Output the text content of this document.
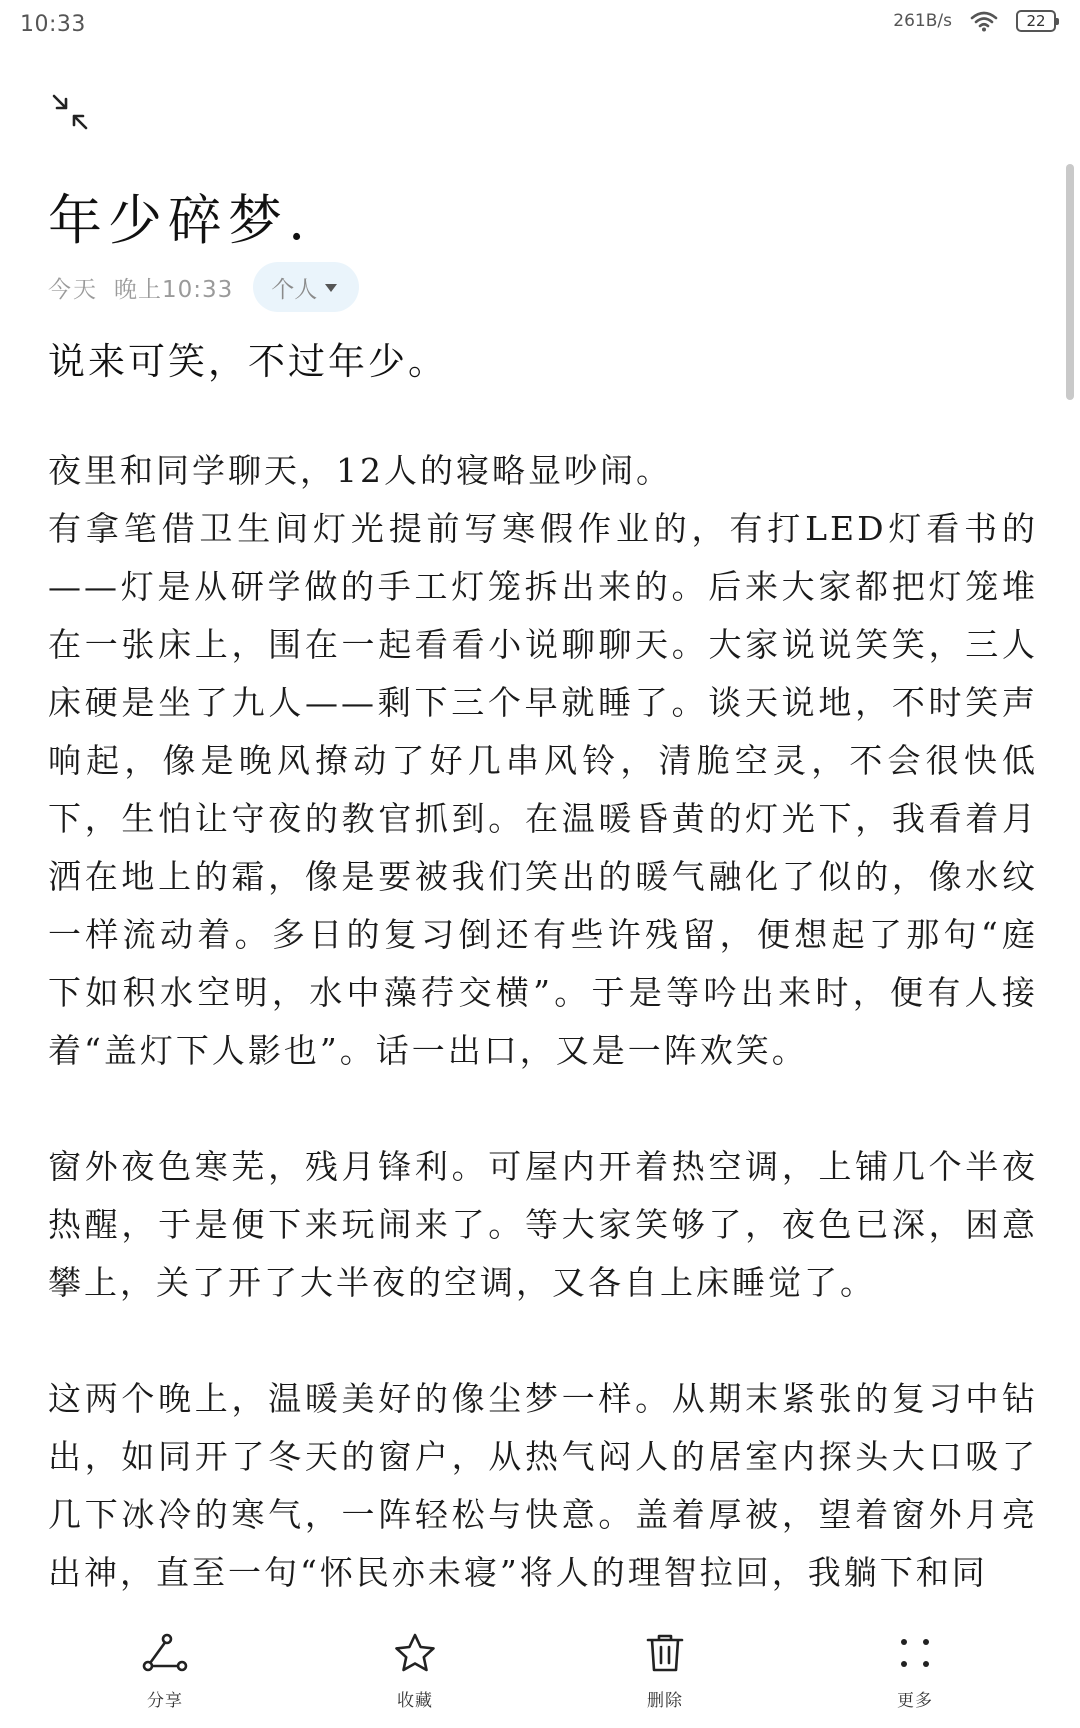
10:33	261B/s	22
年少碎梦.
今天 晚上10:33 个人

说来可笑，不过年少。

夜里和同学聊天，12人的寝略显吵闹。

有拿笔借卫生间灯光提前写寒假作业的，有打LED灯看书的——灯是从研学做的手工灯笼拆出来的。后来大家都把灯笼堆在一张床上，围在一起看看小说聊聊天。大家说说笑笑，三人床硬是坐了九人——剩下三个早就睡了。谈天说地，不时笑声响起，像是晚风撩动了好几串风铃，清脆空灵，不会很快低下，生怕让守夜的教官抓到。在温暖昏黄的灯光下，我看着月洒在地上的霜，像是要被我们笑出的暖气融化了似的，像水纹一样流动着。多日的复习倒还有些许残留，便想起了那句“庭下如积水空明，水中藻荇交横”。于是等吟出来时，便有人接着“盖灯下人影也”。话一出口，又是一阵欢笑。

窗外夜色寒芜，残月锋利。可屋内开着热空调，上铺几个半夜热醒，于是便下来玩闹来了。等大家笑够了，夜色已深，困意攀上，关了开了大半夜的空调，又各自上床睡觉了。

这两个晚上，温暖美好的像尘梦一样。从期末紧张的复习中钻出，如同开了冬天的窗户，从热气闷人的居室内探头大口吸了几下冰冷的寒气，一阵轻松与快意。盖着厚被，望着窗外月亮出神，直至一句“怀民亦未寝”将人的理智拉回，我躺下和同

分享	收藏	删除	更多
